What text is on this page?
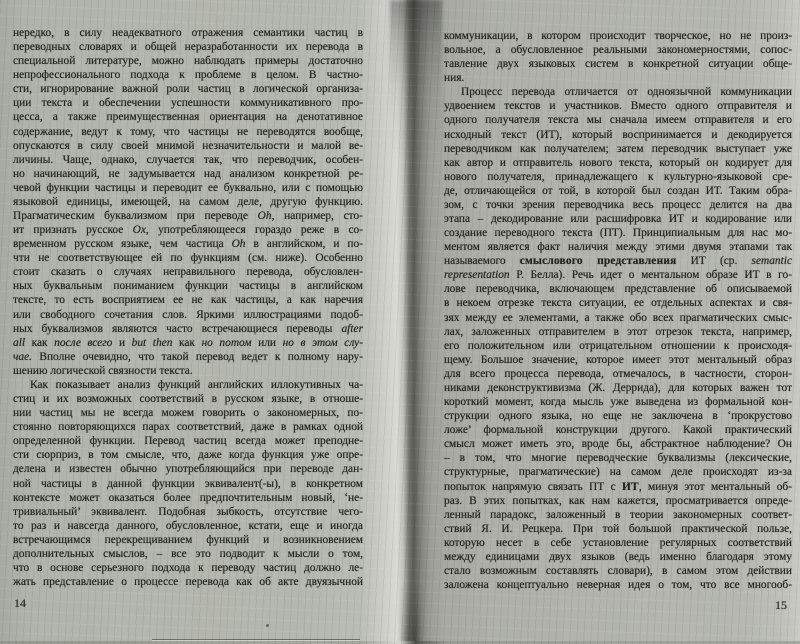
нередко, в силу неадекватного отражения семантики частиц в
переводных словарях и общей неразработанности их перевода в
специальной литературе, можно наблюдать примеры достаточно
непрофессионального подхода к проблеме в целом. В частно-
сти, игнорирование важной роли частиц в логической организа-
ции текста и обеспечении успешности коммуникативного про-
цесса, а также преимущественная ориентация на денотативное
содержание, ведут к тому, что частицы не переводятся вообще,
опускаются в силу своей мнимой незначительности и малой ве-
личины. Чаще, однако, случается так, что переводчик, особен-
но начинающий, не задумывается над анализом конкретной ре-
чевой функции частицы и переводит ее буквально, или с помощью
языковой единицы, имеющей, на самом деле, другую функцию.
Прагматическим буквализмом при переводе Oh, например, сто-
ит признать русское Ох, употребляющееся гораздо реже в со-
временном русском языке, чем частица Oh в английском, и по-
чти не соответствующее ей по функциям (см. ниже). Особенно
стоит сказать о случаях неправильного перевода, обусловлен-
ных буквальным пониманием функции частицы в английском
тексте, то есть восприятием ее не как частицы, а как наречия
или свободного сочетания слов. Яркими иллюстрациями подоб-
ных буквализмов являются часто встречающиеся переводы after
all как после всего и but then как но потом или но в этом слу-
чае. Вполне очевидно, что такой перевод ведет к полному нару-
шению логической связности текста.
Как показывает анализ функций английских иллокутивных ча-
стиц и их возможных соответствий в русском языке, в отноше-
нии частиц мы не всегда можем говорить о закономерных, по-
стоянно повторяющихся парах соответствий, даже в рамках одной
определенной функции. Перевод частиц всегда может преподне-
сти сюрприз, в том смысле, что, даже когда функция уже опре-
делена и известен обычно употребляющийся при переводе дан-
ной частицы в данной функции эквивалент(-ы), в конкретном
контексте может оказаться более предпочтительным новый, ‘не-
тривиальный’ эквивалент. Подобная зыбкость, отсутствие чего-
то раз и навсегда данного, обусловленное, кстати, еще и иногда
встречающимся перекрещиванием функций и возникновением
дополнительных смыслов, – все это подводит к мысли о том,
что в основе серьезного подхода к переводу частиц должно ле-
жать представление о процессе перевода как об акте двуязычной
коммуникации, в котором происходит творческое, но не произ-
вольное, а обусловленное реальными закономерностями, сопос-
тавление двух языковых систем в конкретной ситуации обще-
ния.
Процесс перевода отличается от одноязычной коммуникации
удвоением текстов и участников. Вместо одного отправителя и
одного получателя текста мы сначала имеем отправителя и его
исходный текст (ИТ), который воспринимается и декодируется
переводчиком как получателем; затем переводчик выступает уже
как автор и отправитель нового текста, который он кодирует для
нового получателя, принадлежащего к культурно-языковой сре-
де, отличающейся от той, в которой был создан ИТ. Таким обра-
зом, с точки зрения переводчика весь процесс делится на два
этапа – декодирование или расшифровка ИТ и кодирование или
создание переводного текста (ПТ). Принципиальным для нас мо-
ментом является факт наличия между этими двумя этапами так
называемого смыслового представления ИТ (ср. semantic
representation Р. Белла). Речь идет о ментальном образе ИТ в го-
лове переводчика, включающем представление об описываемой
в некоем отрезке текста ситуации, ее отдельных аспектах и свя-
зях между ее элементами, а также обо всех прагматических смыс-
лах, заложенных отправителем в этот отрезок текста, например,
его положительном или отрицательном отношении к происходя-
щему. Большое значение, которое имеет этот ментальный образ
для всего процесса перевода, отмечалось, в частности, сторон-
никами деконструктивизма (Ж. Деррида), для которых важен тот
короткий момент, когда мысль уже выведена из формальной кон-
струкции одного языка, но еще не заключена в ‘прокрустово
ложе’ формальной конструкции другого. Какой практический
смысл может иметь это, вроде бы, абстрактное наблюдение? Он
– в том, что многие переводческие буквализмы (лексические,
структурные, прагматические) на самом деле происходят из-за
попыток напрямую связать ПТ с ИТ, минуя этот ментальный об-
раз. В этих попытках, как нам кажется, просматривается опреде-
ленный парадокс, заложенный в теории закономерных соответ-
ствий Я. И. Рецкера. При той большой практической пользе,
которую несет в себе установление регулярных соответствий
между единицами двух языков (ведь именно благодаря этому
стало возможным составлять словари), в самом этом действии
заложена концептуально неверная идея о том, что все многооб-
14	15
